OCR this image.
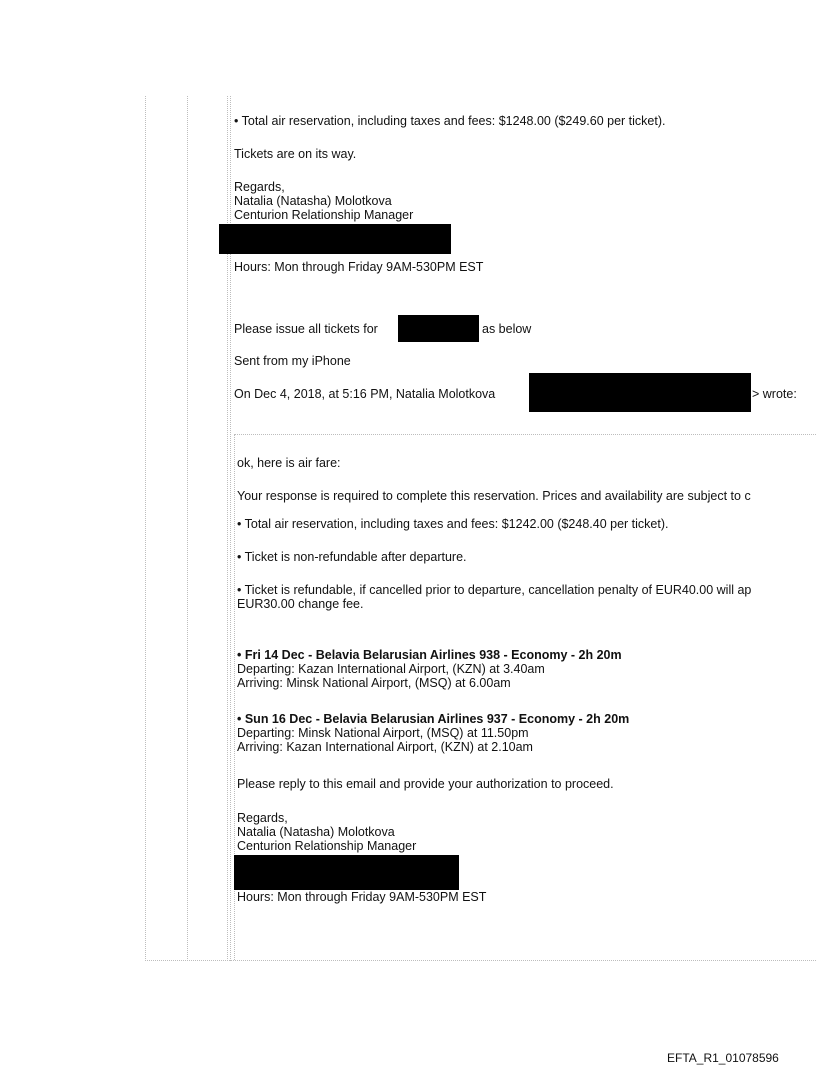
• Total air reservation, including taxes and fees: $1248.00 ($249.60 per ticket).
Tickets are on its way.
Regards,
Natalia (Natasha) Molotkova
Centurion Relationship Manager
Hours: Mon through Friday 9AM-530PM EST
Please issue all tickets for	as below
Sent from my iPhone
On Dec 4, 2018, at 5:16 PM, Natalia Molotkova	> wrote:
ok, here is air fare:
Your response is required to complete this reservation. Prices and availability are subject to c
• Total air reservation, including taxes and fees: $1242.00 ($248.40 per ticket).
• Ticket is non-refundable after departure.
• Ticket is refundable, if cancelled prior to departure, cancellation penalty of EUR40.00 will ap
EUR30.00 change fee.
• Fri 14 Dec - Belavia Belarusian Airlines 938 - Economy - 2h 20m
Departing: Kazan International Airport, (KZN) at 3.40am
Arriving: Minsk National Airport, (MSQ) at 6.00am
• Sun 16 Dec - Belavia Belarusian Airlines 937 - Economy - 2h 20m
Departing: Minsk National Airport, (MSQ) at 11.50pm
Arriving: Kazan International Airport, (KZN) at 2.10am
Please reply to this email and provide your authorization to proceed.
Regards,
Natalia (Natasha) Molotkova
Centurion Relationship Manager
Hours: Mon through Friday 9AM-530PM EST
EFTA_R1_01078596
